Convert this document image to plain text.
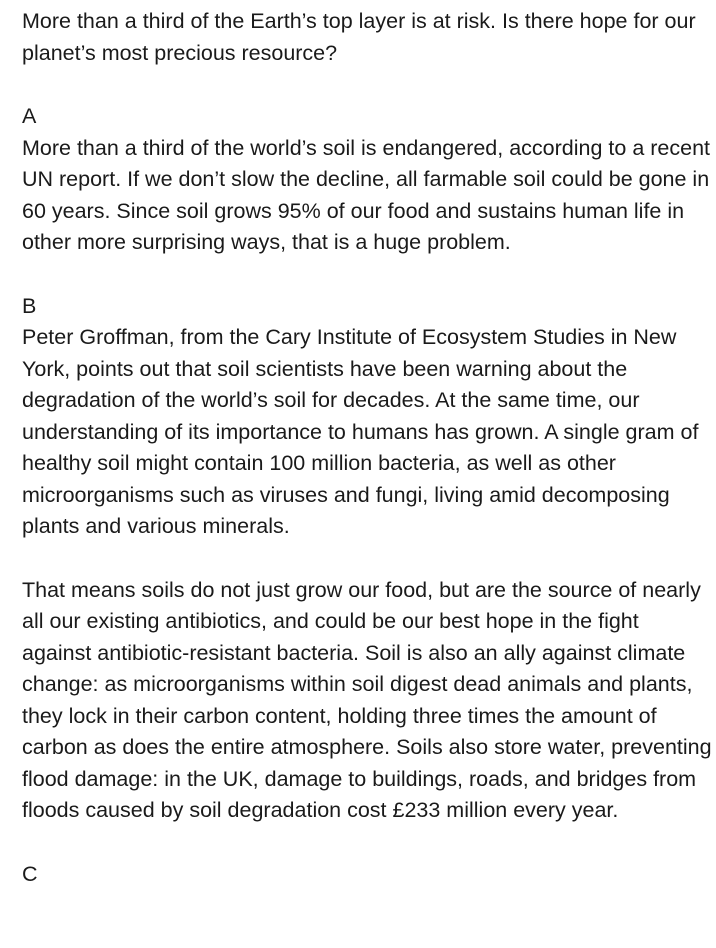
More than a third of the Earth’s top layer is at risk. Is there hope for our planet’s most precious resource?

A

More than a third of the world’s soil is endangered, according to a recent UN report. If we don’t slow the decline, all farmable soil could be gone in 60 years. Since soil grows 95% of our food and sustains human life in other more surprising ways, that is a huge problem.

B

Peter Groffman, from the Cary Institute of Ecosystem Studies in New York, points out that soil scientists have been warning about the degradation of the world’s soil for decades. At the same time, our understanding of its importance to humans has grown. A single gram of healthy soil might contain 100 million bacteria, as well as other microorganisms such as viruses and fungi, living amid decomposing plants and various minerals.

That means soils do not just grow our food, but are the source of nearly all our existing antibiotics, and could be our best hope in the fight against antibiotic-resistant bacteria. Soil is also an ally against climate change: as microorganisms within soil digest dead animals and plants, they lock in their carbon content, holding three times the amount of carbon as does the entire atmosphere. Soils also store water, preventing flood damage: in the UK, damage to buildings, roads, and bridges from floods caused by soil degradation cost £233 million every year.

C
